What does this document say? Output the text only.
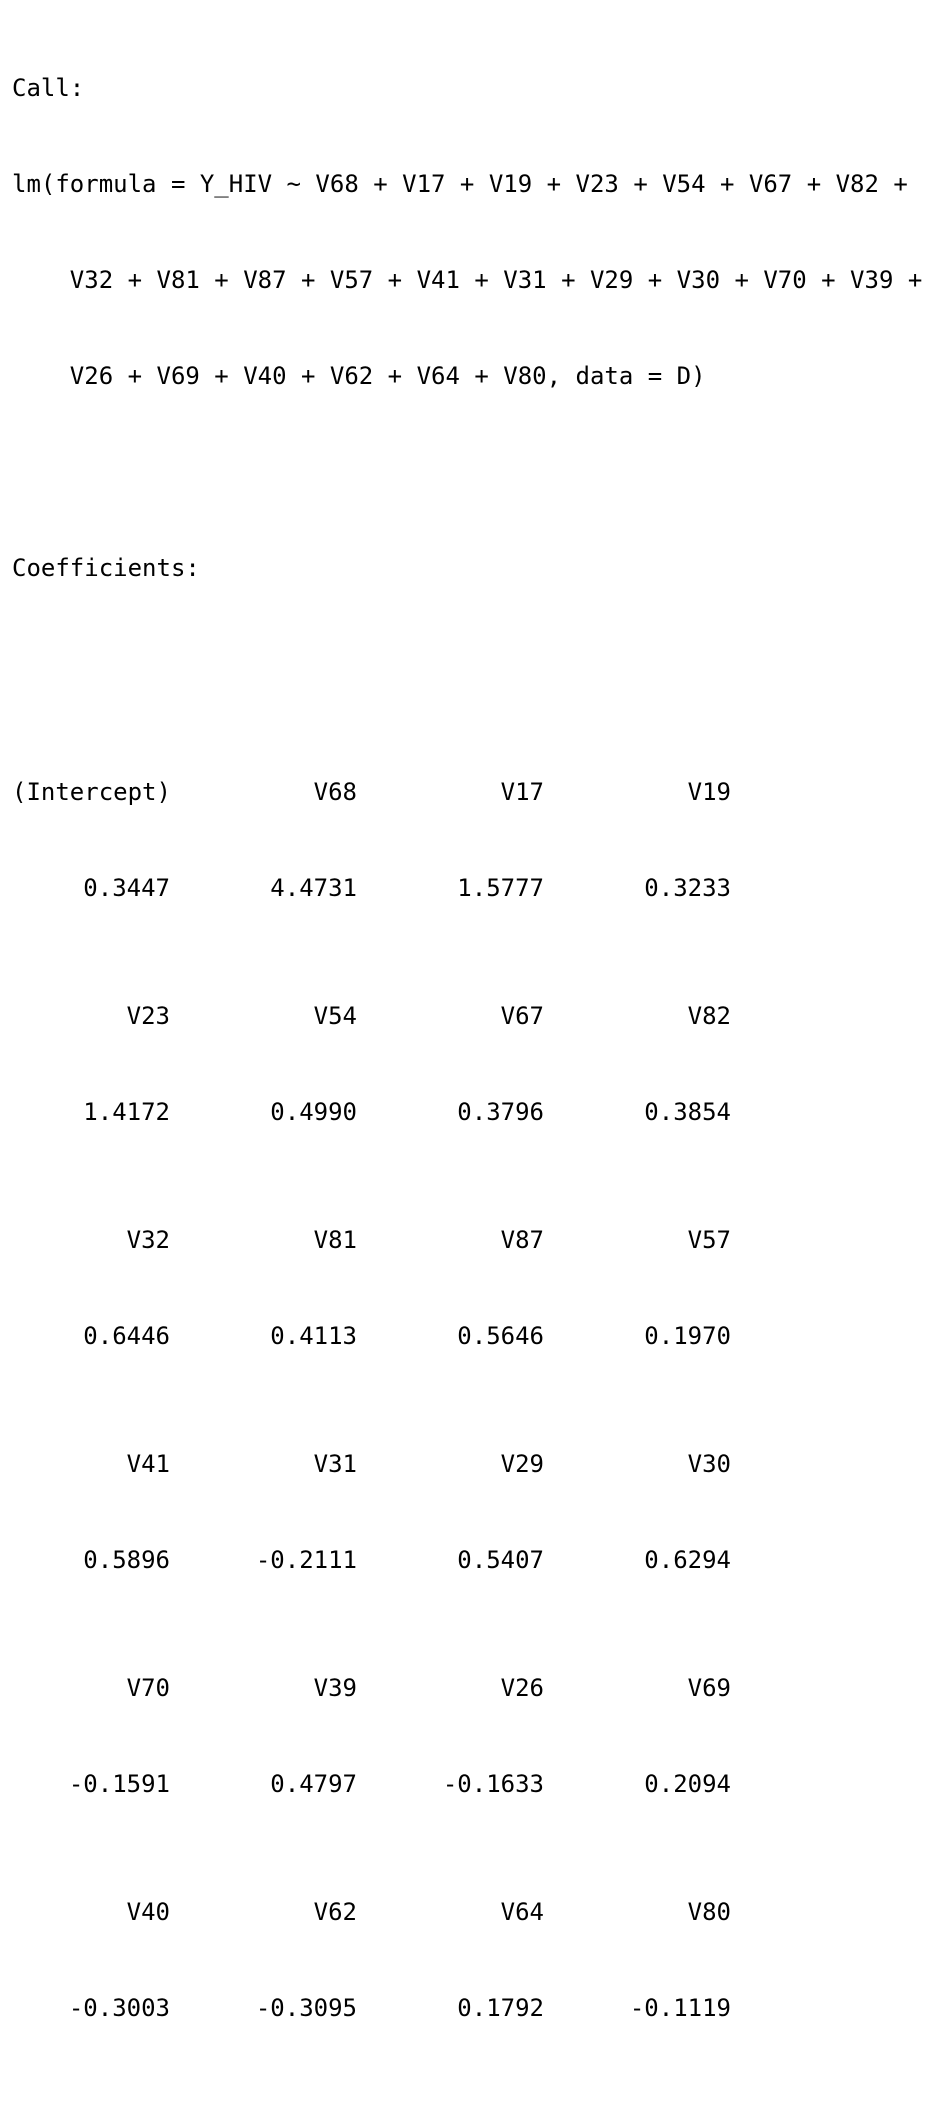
Call:

lm(formula = Y_HIV ~ V68 + V17 + V19 + V23 + V54 + V67 + V82 +

V32 + V81 + V87 + V57 + V41 + V31 + V29 + V30 + V70 + V39 +

V26 + V69 + V40 + V62 + V64 + V80, data = D)

Coefficients:

(Intercept)	V68	V17	V19

0.3447	4.4731	1.5777	0.3233

V23	V54	V67	V82

1.4172	0.4990	0.3796	0.3854

V32	V81	V87	V57

0.6446	0.4113	0.5646	0.1970

V41	V31	V29	V30

0.5896	-0.2111	0.5407	0.6294

V70	V39	V26	V69

-0.1591	0.4797	-0.1633	0.2094

V40	V62	V64	V80

-0.3003	-0.3095	0.1792	-0.1119
